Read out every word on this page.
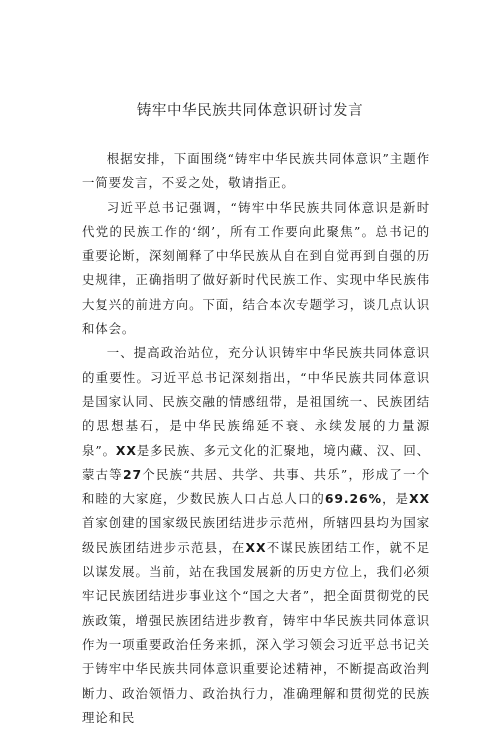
铸牢中华民族共同体意识研讨发言

根据安排，下面围绕“铸牢中华民族共同体意识”主题作一简要发言，不妥之处，敬请指正。

习近平总书记强调，“铸牢中华民族共同体意识是新时代党的民族工作的‘纲’，所有工作要向此聚焦”。总书记的重要论断，深刻阐释了中华民族从自在到自觉再到自强的历史规律，正确指明了做好新时代民族工作、实现中华民族伟大复兴的前进方向。下面，结合本次专题学习，谈几点认识和体会。

一、提高政治站位，充分认识铸牢中华民族共同体意识的重要性。习近平总书记深刻指出，“中华民族共同体意识是国家认同、民族交融的情感纽带，是祖国统一、民族团结的思想基石，是中华民族绵延不衰、永续发展的力量源泉”。XX是多民族、多元文化的汇聚地，境内藏、汉、回、蒙古等27个民族“共居、共学、共事、共乐”，形成了一个和睦的大家庭，少数民族人口占总人口的69.26%，是XX首家创建的国家级民族团结进步示范州，所辖四县均为国家级民族团结进步示范县，在XX不谋民族团结工作，就不足以谋发展。当前，站在我国发展新的历史方位上，我们必须牢记民族团结进步事业这个“国之大者”，把全面贯彻党的民族政策，增强民族团结进步教育，铸牢中华民族共同体意识作为一项重要政治任务来抓，深入学习领会习近平总书记关于铸牢中华民族共同体意识重要论述精神，不断提高政治判断力、政治领悟力、政治执行力，准确理解和贯彻党的民族理论和民
